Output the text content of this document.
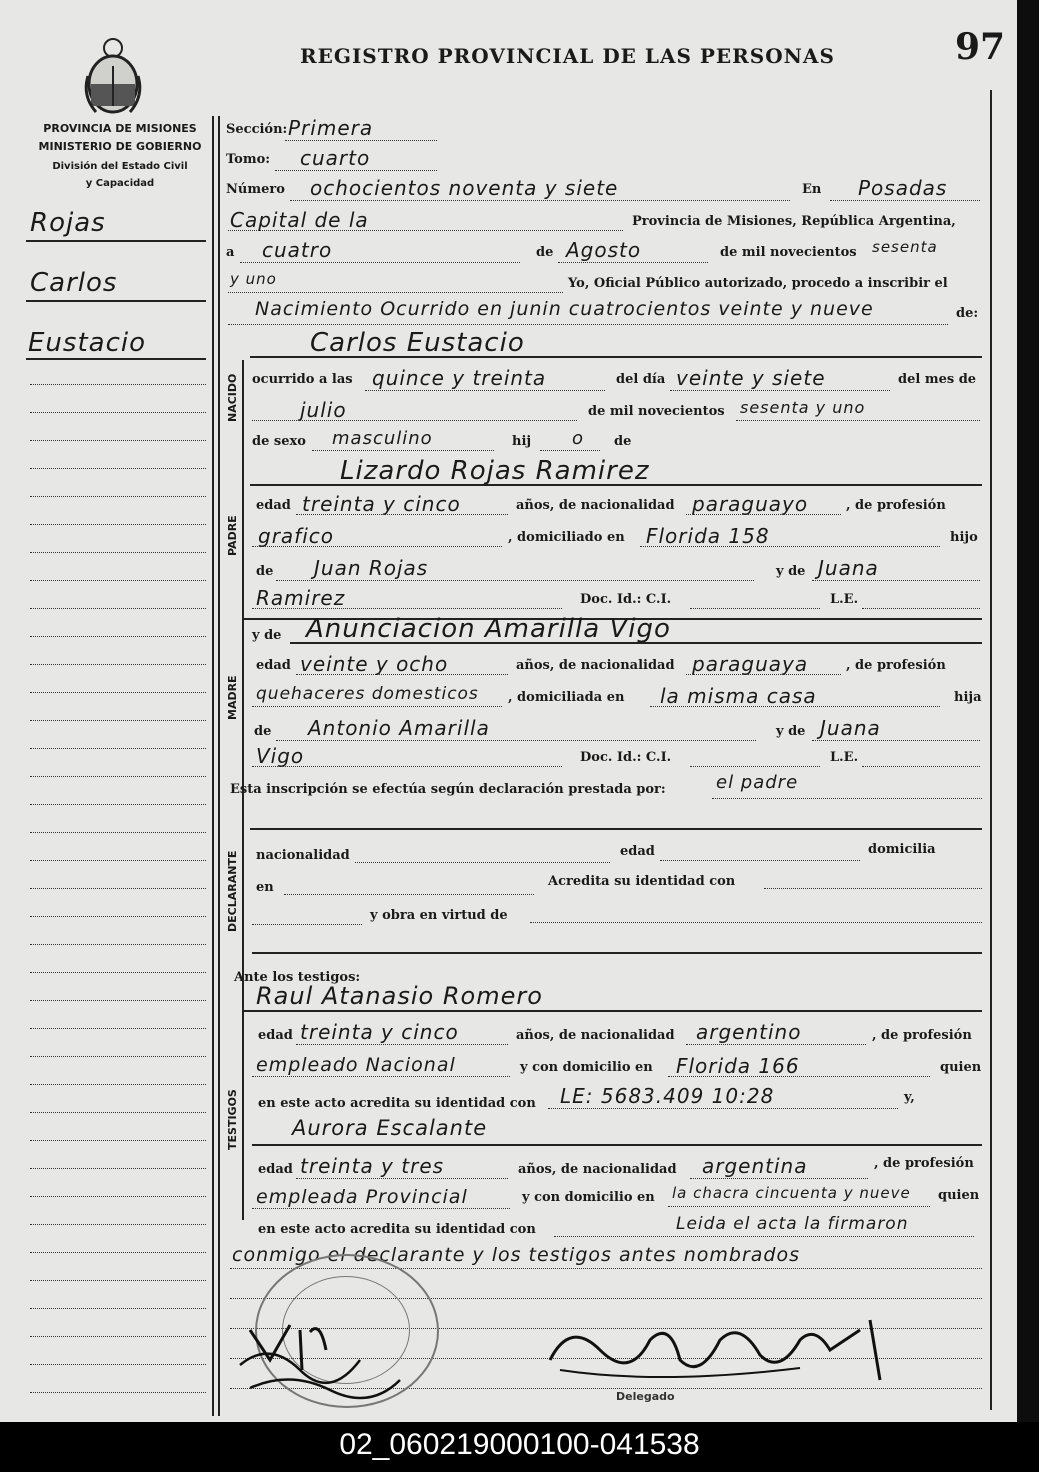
REGISTRO PROVINCIAL DE LAS PERSONAS	97
PROVINCIA DE MISIONES
MINISTERIO DE GOBIERNO
División del Estado Civil
y Capacidad
Rojas
Carlos
Eustacio
Sección: Primera
Tomo: cuarto
Número ochocientos noventa y siete	En Posadas
Capital de la	Provincia de Misiones, República Argentina,
a cuatro	de Agosto	de mil novecientos sesenta
y uno	Yo, Oficial Público autorizado, procedo a inscribir el
Nacimiento Ocurrido en junin cuatrocientos veinte y nueve	de:
NACIDO
Carlos Eustacio
ocurrido a las quince y treinta	del día veinte y siete	del mes de
julio	de mil novecientos sesenta y uno
de sexo masculino	hij o de
PADRE
Lizardo Rojas Ramirez
edad treinta y cinco	años, de nacionalidad paraguayo	, de profesión
grafico	, domiciliado en Florida 158	hijo
de Juan Rojas	y de Juana
Ramirez	Doc. Id.: C.I.	L.E.
MADRE
y de Anunciacion Amarilla Vigo
edad veinte y ocho	años, de nacionalidad paraguaya	, de profesión
quehaceres domesticos , domiciliada en la misma casa	hija
de Antonio Amarilla	y de Juana
Vigo	Doc. Id.: C.I.	L.E.
Esta inscripción se efectúa según declaración prestada por:	el padre
DECLARANTE nacionalidad	edad	domicilia
en	Acredita su identidad con
y obra en virtud de
Ante los testigos:
Raul Atanasio Romero
TESTIGOS
edad treinta y cinco	años, de nacionalidad argentino	, de profesión
empleado Nacional	y con domicilio en Florida 166	quien
en este acto acredita su identidad con LE: 5683.409 10:28	y,
Aurora Escalante
edad treinta y tres	años, de nacionalidad argentina	, de profesión
empleada Provincial	y con domicilio en la chacra cincuenta y nueve quien
en este acto acredita su identidad con	Leida el acta la firmaron
conmigo el declarante y los testigos antes nombrados
Delegado
02_060219000100-041538
